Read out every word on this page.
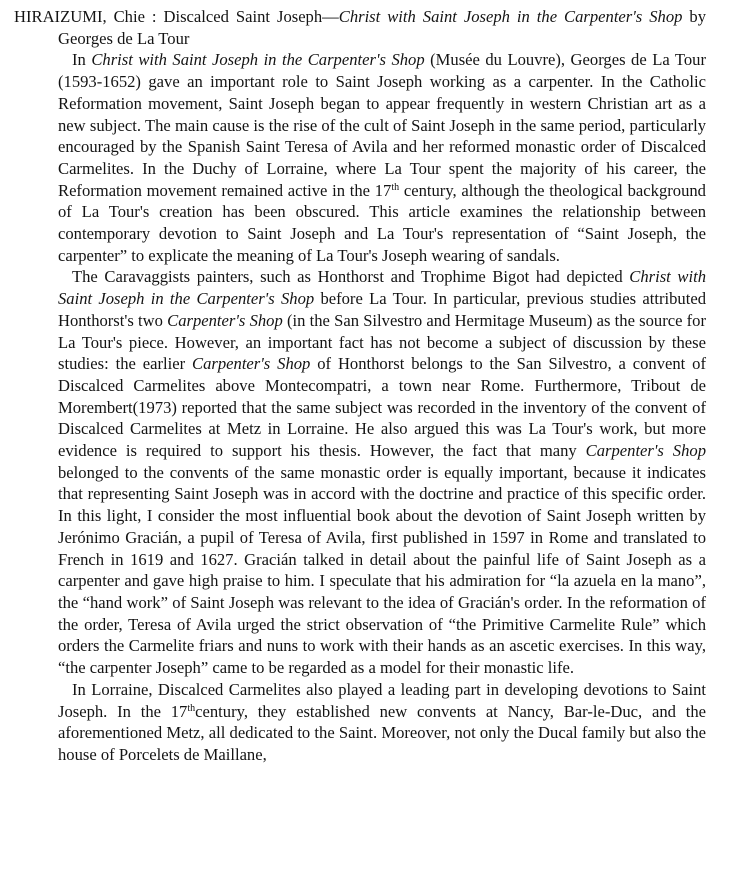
HIRAIZUMI, Chie : Discalced Saint Joseph—Christ with Saint Joseph in the Carpenter's Shop by Georges de La Tour

In Christ with Saint Joseph in the Carpenter's Shop (Musée du Louvre), Georges de La Tour (1593-1652) gave an important role to Saint Joseph working as a carpenter. In the Catholic Reformation movement, Saint Joseph began to appear frequently in western Christian art as a new subject. The main cause is the rise of the cult of Saint Joseph in the same period, particularly encouraged by the Spanish Saint Teresa of Avila and her reformed monastic order of Discalced Carmelites. In the Duchy of Lorraine, where La Tour spent the majority of his career, the Reformation movement remained active in the 17th century, although the theological background of La Tour's creation has been obscured. This article examines the relationship between contemporary devotion to Saint Joseph and La Tour's representation of “Saint Joseph, the carpenter” to explicate the meaning of La Tour's Joseph wearing of sandals.

The Caravaggists painters, such as Honthorst and Trophime Bigot had depicted Christ with Saint Joseph in the Carpenter's Shop before La Tour. In particular, previous studies attributed Honthorst's two Carpenter's Shop (in the San Silvestro and Hermitage Museum) as the source for La Tour's piece. However, an important fact has not become a subject of discussion by these studies: the earlier Carpenter's Shop of Honthorst belongs to the San Silvestro, a convent of Discalced Carmelites above Montecompatri, a town near Rome. Furthermore, Tribout de Morembert(1973) reported that the same subject was recorded in the inventory of the convent of Discalced Carmelites at Metz in Lorraine. He also argued this was La Tour's work, but more evidence is required to support his thesis. However, the fact that many Carpenter's Shop belonged to the convents of the same monastic order is equally important, because it indicates that representing Saint Joseph was in accord with the doctrine and practice of this specific order. In this light, I consider the most influential book about the devotion of Saint Joseph written by Jerónimo Gracián, a pupil of Teresa of Avila, first published in 1597 in Rome and translated to French in 1619 and 1627. Gracián talked in detail about the painful life of Saint Joseph as a carpenter and gave high praise to him. I speculate that his admiration for “la azuela en la mano”, the “hand work” of Saint Joseph was relevant to the idea of Gracián's order. In the reformation of the order, Teresa of Avila urged the strict observation of “the Primitive Carmelite Rule” which orders the Carmelite friars and nuns to work with their hands as an ascetic exercises. In this way, “the carpenter Joseph” came to be regarded as a model for their monastic life.

In Lorraine, Discalced Carmelites also played a leading part in developing devotions to Saint Joseph. In the 17thcentury, they established new convents at Nancy, Bar-le-Duc, and the aforementioned Metz, all dedicated to the Saint. Moreover, not only the Ducal family but also the house of Porcelets de Maillane,
